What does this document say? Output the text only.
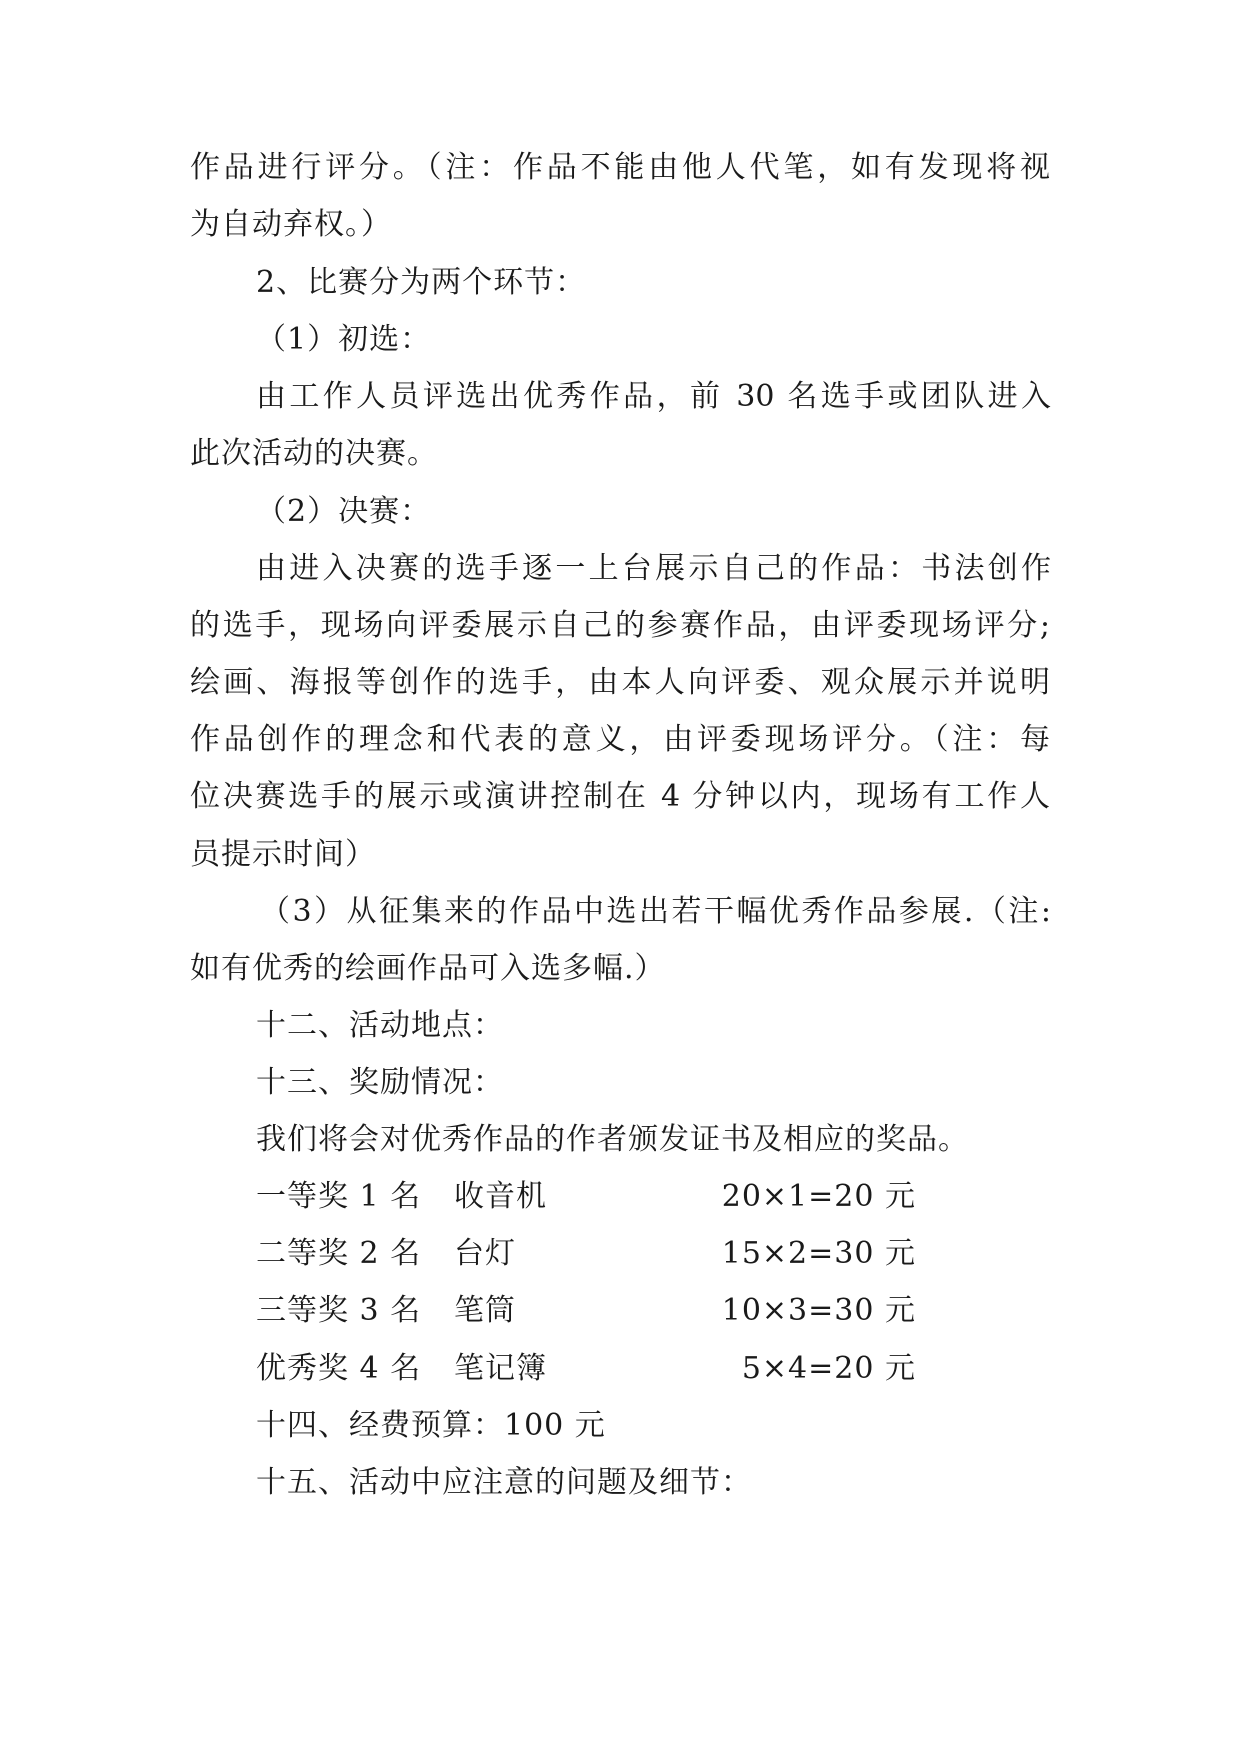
作品进行评分。（注：作品不能由他人代笔，如有发现将视
为自动弃权。）
2、比赛分为两个环节：
（1）初选：
由工作人员评选出优秀作品，前 30 名选手或团队进入
此次活动的决赛。
（2）决赛：
由进入决赛的选手逐一上台展示自己的作品：书法创作
的选手，现场向评委展示自己的参赛作品，由评委现场评分;
绘画、海报等创作的选手，由本人向评委、观众展示并说明
作品创作的理念和代表的意义，由评委现场评分。（注：每
位决赛选手的展示或演讲控制在 4 分钟以内，现场有工作人
员提示时间）
（3）从征集来的作品中选出若干幅优秀作品参展.（注:
如有优秀的绘画作品可入选多幅.）
十二、活动地点：
十三、奖励情况：
我们将会对优秀作品的作者颁发证书及相应的奖品。
一等奖 1 名 收音机	20×1=20 元
二等奖 2 名 台灯	15×2=30 元
三等奖 3 名 笔筒	10×3=30 元
优秀奖 4 名 笔记簿	5×4=20 元
十四、经费预算：100 元
十五、活动中应注意的问题及细节：
